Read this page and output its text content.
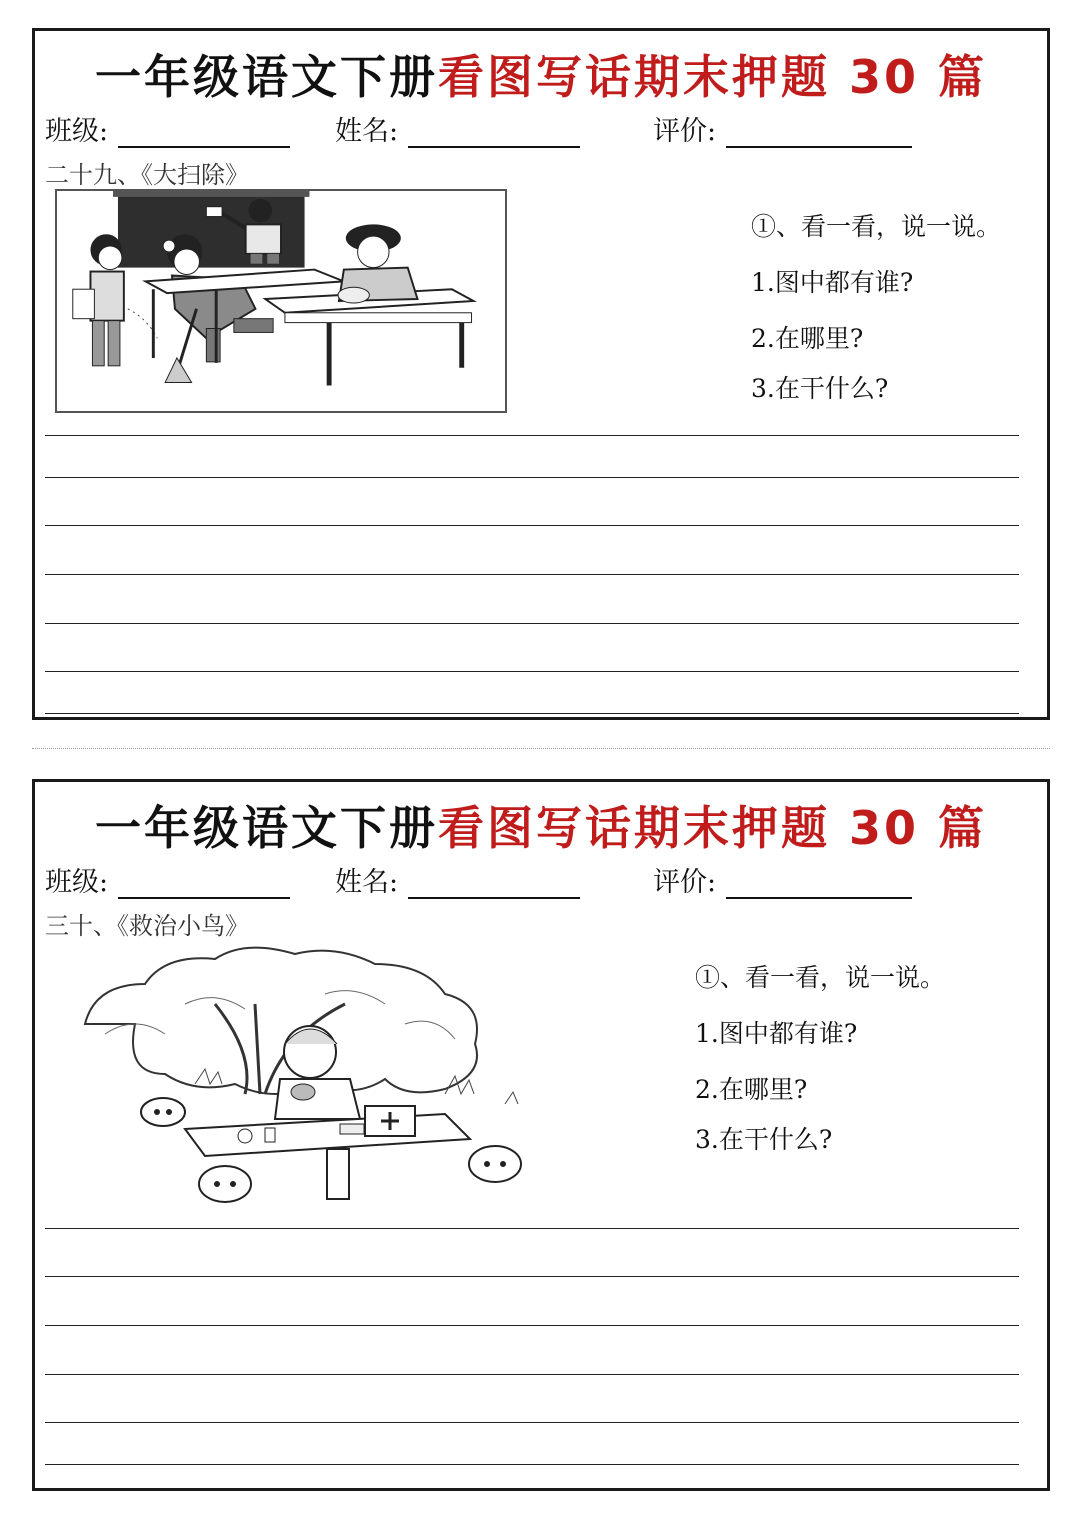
一年级语文下册看图写话期末押题 30 篇
班级:	姓名:	评价:
二十九、《大扫除》
①、看一看，说一说。
1.图中都有谁?
2.在哪里?
3.在干什么?
一年级语文下册看图写话期末押题 30 篇
班级:	姓名:	评价:
三十、《救治小鸟》
①、看一看，说一说。
1.图中都有谁?
2.在哪里?
3.在干什么?
